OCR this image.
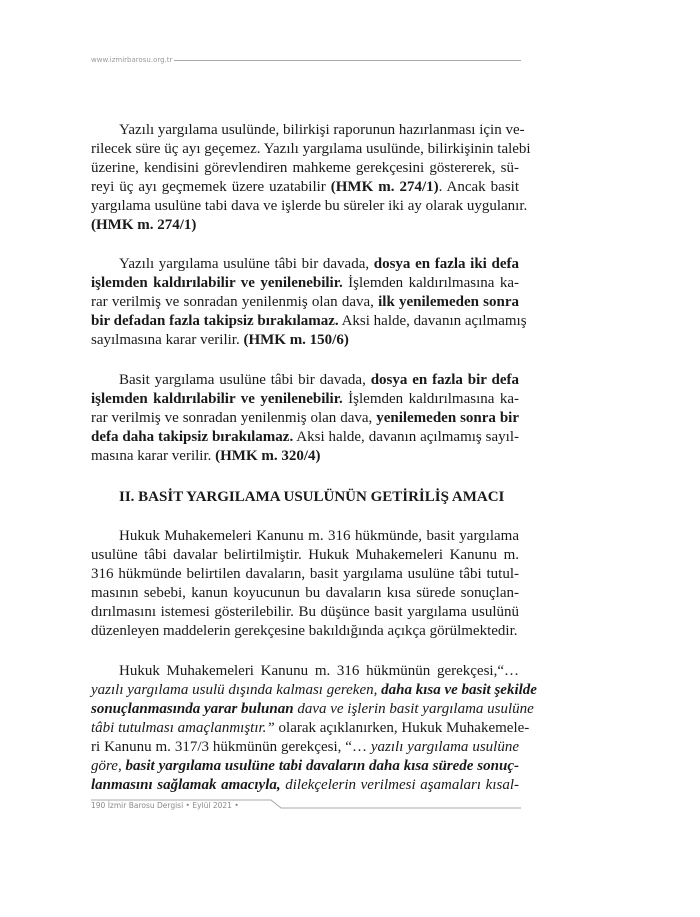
www.izmirbarosu.org.tr
Yazılı yargılama usulünde, bilirkişi raporunun hazırlanması için ve-
rilecek süre üç ayı geçemez. Yazılı yargılama usulünde, bilirkişinin talebi
üzerine, kendisini görevlendiren mahkeme gerekçesini göstererek, sü-
reyi üç ayı geçmemek üzere uzatabilir (HMK m. 274/1). Ancak basit
yargılama usulüne tabi dava ve işlerde bu süreler iki ay olarak uygulanır.
(HMK m. 274/1)
Yazılı yargılama usulüne tâbi bir davada, dosya en fazla iki defa
işlemden kaldırılabilir ve yenilenebilir. İşlemden kaldırılmasına ka-
rar verilmiş ve sonradan yenilenmiş olan dava, ilk yenilemeden sonra
bir defadan fazla takipsiz bırakılamaz. Aksi halde, davanın açılmamış
sayılmasına karar verilir. (HMK m. 150/6)
Basit yargılama usulüne tâbi bir davada, dosya en fazla bir defa
işlemden kaldırılabilir ve yenilenebilir. İşlemden kaldırılmasına ka-
rar verilmiş ve sonradan yenilenmiş olan dava, yenilemeden sonra bir
defa daha takipsiz bırakılamaz. Aksi halde, davanın açılmamış sayıl-
masına karar verilir. (HMK m. 320/4)
II. BASİT YARGILAMA USULÜNÜN GETİRİLİŞ AMACI
Hukuk Muhakemeleri Kanunu m. 316 hükmünde, basit yargılama
usulüne tâbi davalar belirtilmiştir. Hukuk Muhakemeleri Kanunu m.
316 hükmünde belirtilen davaların, basit yargılama usulüne tâbi tutul-
masının sebebi, kanun koyucunun bu davaların kısa sürede sonuçlan-
dırılmasını istemesi gösterilebilir. Bu düşünce basit yargılama usulünü
düzenleyen maddelerin gerekçesine bakıldığında açıkça görülmektedir.
Hukuk Muhakemeleri Kanunu m. 316 hükmünün gerekçesi,“…
yazılı yargılama usulü dışında kalması gereken, daha kısa ve basit şekilde
sonuçlanmasında yarar bulunan dava ve işlerin basit yargılama usulüne
tâbi tutulması amaçlanmıştır.” olarak açıklanırken, Hukuk Muhakemele-
ri Kanunu m. 317/3 hükmünün gerekçesi, “… yazılı yargılama usulüne
göre, basit yargılama usulüne tabi davaların daha kısa sürede sonuç-
lanmasını sağlamak amacıyla, dilekçelerin verilmesi aşamaları kısal-
190 İzmir Barosu Dergisi • Eylül 2021 •
